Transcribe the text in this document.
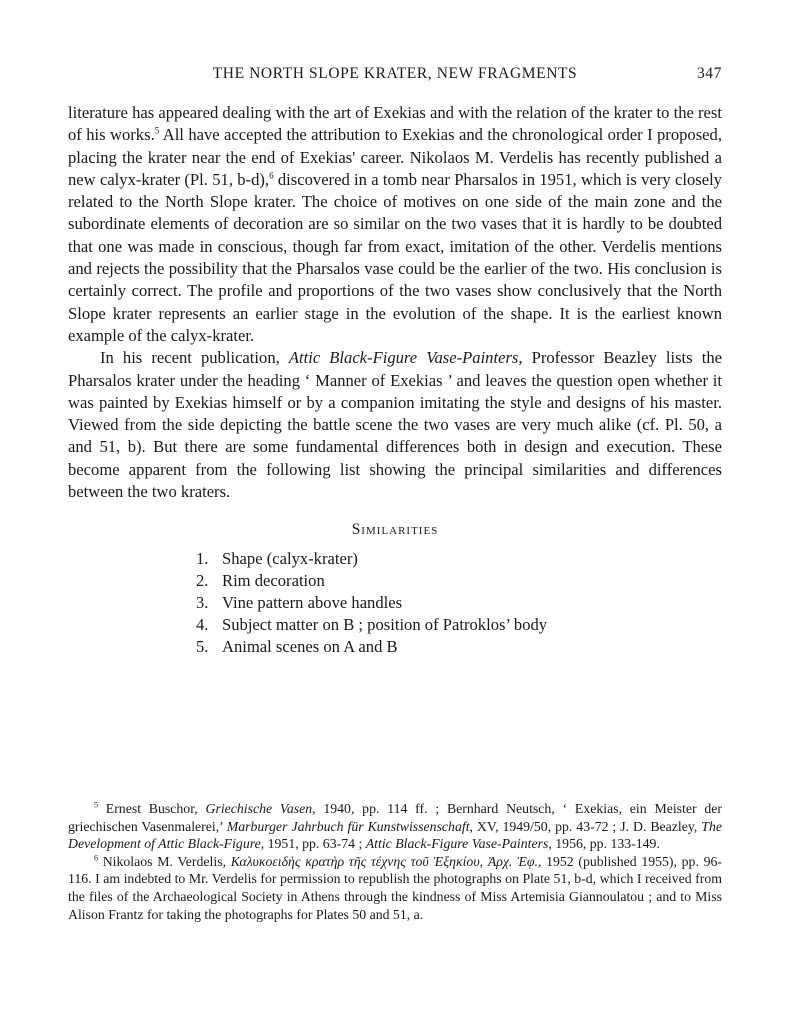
THE NORTH SLOPE KRATER, NEW FRAGMENTS	347

literature has appeared dealing with the art of Exekias and with the relation of the krater to the rest of his works.$^5$ All have accepted the attribution to Exekias and the chronological order I proposed, placing the krater near the end of Exekias' career. Nikolaos M. Verdelis has recently published a new calyx-krater (Pl. 51, b-d),$^6$ discovered in a tomb near Pharsalos in 1951, which is very closely related to the North Slope krater. The choice of motives on one side of the main zone and the subordinate elements of decoration are so similar on the two vases that it is hardly to be doubted that one was made in conscious, though far from exact, imitation of the other. Verdelis mentions and rejects the possibility that the Pharsalos vase could be the earlier of the two. His conclusion is certainly correct. The profile and proportions of the two vases show conclusively that the North Slope krater represents an earlier stage in the evolution of the shape. It is the earliest known example of the calyx-krater.

In his recent publication, Attic Black-Figure Vase-Painters, Professor Beazley lists the Pharsalos krater under the heading ‘ Manner of Exekias ’ and leaves the question open whether it was painted by Exekias himself or by a companion imitating the style and designs of his master. Viewed from the side depicting the battle scene the two vases are very much alike (cf. Pl. 50, a and 51, b). But there are some fundamental differences both in design and execution. These become apparent from the following list showing the principal similarities and differences between the two kraters.

Similarities
1. Shape (calyx-krater)
2. Rim decoration
3. Vine pattern above handles
4. Subject matter on B ; position of Patroklos’ body
5. Animal scenes on A and B

$^5$ Ernest Buschor, Griechische Vasen, 1940, pp. 114 ff. ; Bernhard Neutsch, ‘ Exekias, ein Meister der griechischen Vasenmalerei,’ Marburger Jahrbuch für Kunstwissenschaft, XV, 1949/50, pp. 43-72 ; J. D. Beazley, The Development of Attic Black-Figure, 1951, pp. 63-74 ; Attic Black-Figure Vase-Painters, 1956, pp. 133-149.

$^6$ Nikolaos M. Verdelis, Καλυκοειδὴς κρατὴρ τῆς τέχνης τοῦ Ἐξηκίου, Ἀρχ. Ἐφ., 1952 (published 1955), pp. 96-116. I am indebted to Mr. Verdelis for permission to republish the photographs on Plate 51, b-d, which I received from the files of the Archaeological Society in Athens through the kindness of Miss Artemisia Giannoulatou ; and to Miss Alison Frantz for taking the photographs for Plates 50 and 51, a.
